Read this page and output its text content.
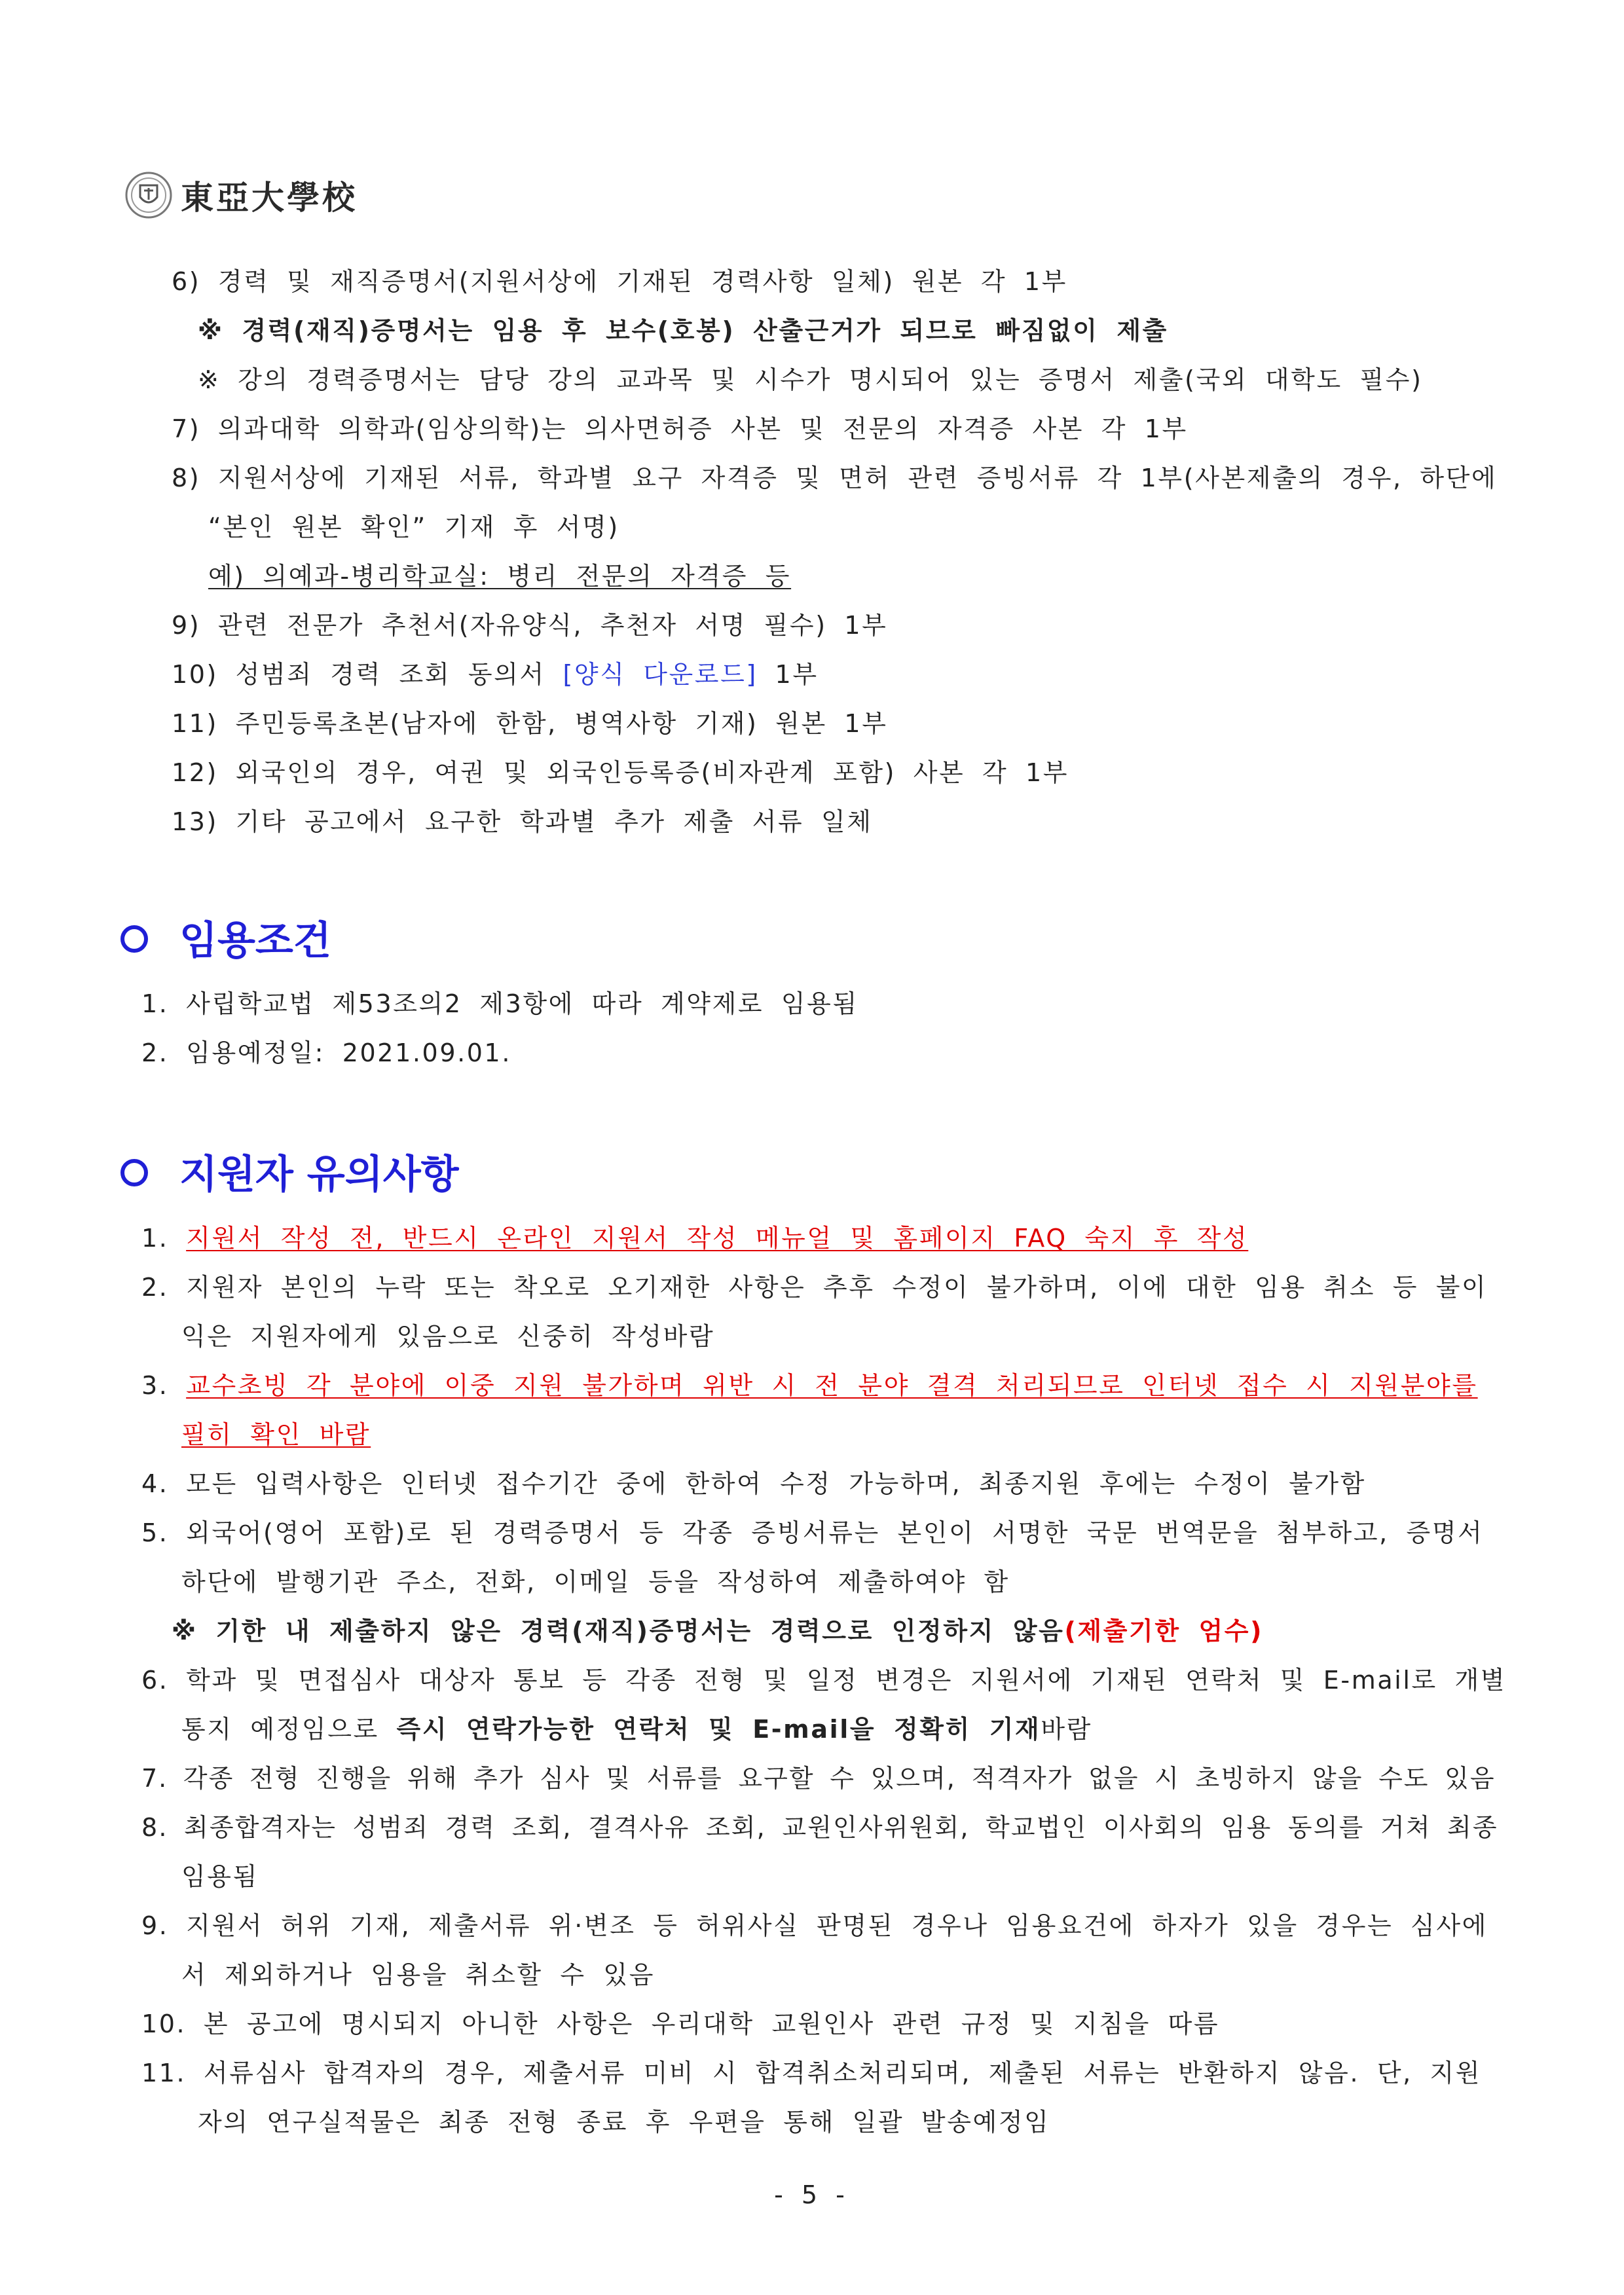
東亞大學校
6) 경력 및 재직증명서(지원서상에 기재된 경력사항 일체) 원본 각 1부
※ 경력(재직)증명서는 임용 후 보수(호봉) 산출근거가 되므로 빠짐없이 제출
※ 강의 경력증명서는 담당 강의 교과목 및 시수가 명시되어 있는 증명서 제출(국외 대학도 필수)
7) 의과대학 의학과(임상의학)는 의사면허증 사본 및 전문의 자격증 사본 각 1부
8) 지원서상에 기재된 서류, 학과별 요구 자격증 및 면허 관련 증빙서류 각 1부(사본제출의 경우, 하단에
“본인 원본 확인” 기재 후 서명)
예) 의예과-병리학교실: 병리 전문의 자격증 등
9) 관련 전문가 추천서(자유양식, 추천자 서명 필수) 1부
10) 성범죄 경력 조회 동의서 [양식 다운로드] 1부
11) 주민등록초본(남자에 한함, 병역사항 기재) 원본 1부
12) 외국인의 경우, 여권 및 외국인등록증(비자관계 포함) 사본 각 1부
13) 기타 공고에서 요구한 학과별 추가 제출 서류 일체
임용조건
1. 사립학교법 제53조의2 제3항에 따라 계약제로 임용됨
2. 임용예정일: 2021.09.01.
지원자 유의사항
1. 지원서 작성 전, 반드시 온라인 지원서 작성 메뉴얼 및 홈페이지 FAQ 숙지 후 작성
2. 지원자 본인의 누락 또는 착오로 오기재한 사항은 추후 수정이 불가하며, 이에 대한 임용 취소 등 불이
익은 지원자에게 있음으로 신중히 작성바람
3. 교수초빙 각 분야에 이중 지원 불가하며 위반 시 전 분야 결격 처리되므로 인터넷 접수 시 지원분야를
필히 확인 바람
4. 모든 입력사항은 인터넷 접수기간 중에 한하여 수정 가능하며, 최종지원 후에는 수정이 불가함
5. 외국어(영어 포함)로 된 경력증명서 등 각종 증빙서류는 본인이 서명한 국문 번역문을 첨부하고, 증명서
하단에 발행기관 주소, 전화, 이메일 등을 작성하여 제출하여야 함
※ 기한 내 제출하지 않은 경력(재직)증명서는 경력으로 인정하지 않음(제출기한 엄수)
6. 학과 및 면접심사 대상자 통보 등 각종 전형 및 일정 변경은 지원서에 기재된 연락처 및 E-mail로 개별
통지 예정임으로 즉시 연락가능한 연락처 및 E-mail을 정확히 기재바람
7. 각종 전형 진행을 위해 추가 심사 및 서류를 요구할 수 있으며, 적격자가 없을 시 초빙하지 않을 수도 있음
8. 최종합격자는 성범죄 경력 조회, 결격사유 조회, 교원인사위원회, 학교법인 이사회의 임용 동의를 거쳐 최종
임용됨
9. 지원서 허위 기재, 제출서류 위·변조 등 허위사실 판명된 경우나 임용요건에 하자가 있을 경우는 심사에
서 제외하거나 임용을 취소할 수 있음
10. 본 공고에 명시되지 아니한 사항은 우리대학 교원인사 관련 규정 및 지침을 따름
11. 서류심사 합격자의 경우, 제출서류 미비 시 합격취소처리되며, 제출된 서류는 반환하지 않음. 단, 지원
자의 연구실적물은 최종 전형 종료 후 우편을 통해 일괄 발송예정임
- 5 -
